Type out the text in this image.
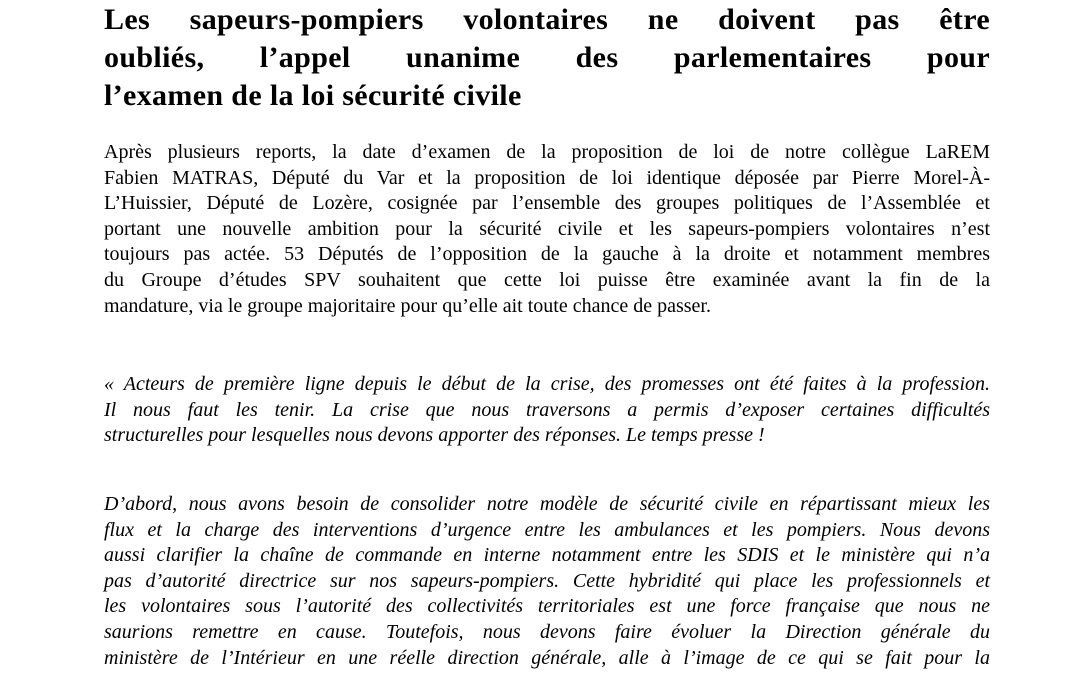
Les sapeurs-pompiers volontaires ne doivent pas être
oubliés, l’appel unanime des parlementaires pour
l’examen de la loi sécurité civile

Après plusieurs reports, la date d’examen de la proposition de loi de notre collègue LaREM
Fabien MATRAS, Député du Var et la proposition de loi identique déposée par Pierre Morel-À-
L’Huissier, Député de Lozère, cosignée par l’ensemble des groupes politiques de l’Assemblée et
portant une nouvelle ambition pour la sécurité civile et les sapeurs-pompiers volontaires n’est
toujours pas actée. 53 Députés de l’opposition de la gauche à la droite et notamment membres
du Groupe d’études SPV souhaitent que cette loi puisse être examinée avant la fin de la
mandature, via le groupe majoritaire pour qu’elle ait toute chance de passer.

« Acteurs de première ligne depuis le début de la crise, des promesses ont été faites à la profession.
Il nous faut les tenir. La crise que nous traversons a permis d’exposer certaines difficultés
structurelles pour lesquelles nous devons apporter des réponses. Le temps presse !

D’abord, nous avons besoin de consolider notre modèle de sécurité civile en répartissant mieux les
flux et la charge des interventions d’urgence entre les ambulances et les pompiers. Nous devons
aussi clarifier la chaîne de commande en interne notamment entre les SDIS et le ministère qui n’a
pas d’autorité directrice sur nos sapeurs-pompiers. Cette hybridité qui place les professionnels et
les volontaires sous l’autorité des collectivités territoriales est une force française que nous ne
saurions remettre en cause. Toutefois, nous devons faire évoluer la Direction générale du
ministère de l’Intérieur en une réelle direction générale, alle à l’image de ce qui se fait pour la
